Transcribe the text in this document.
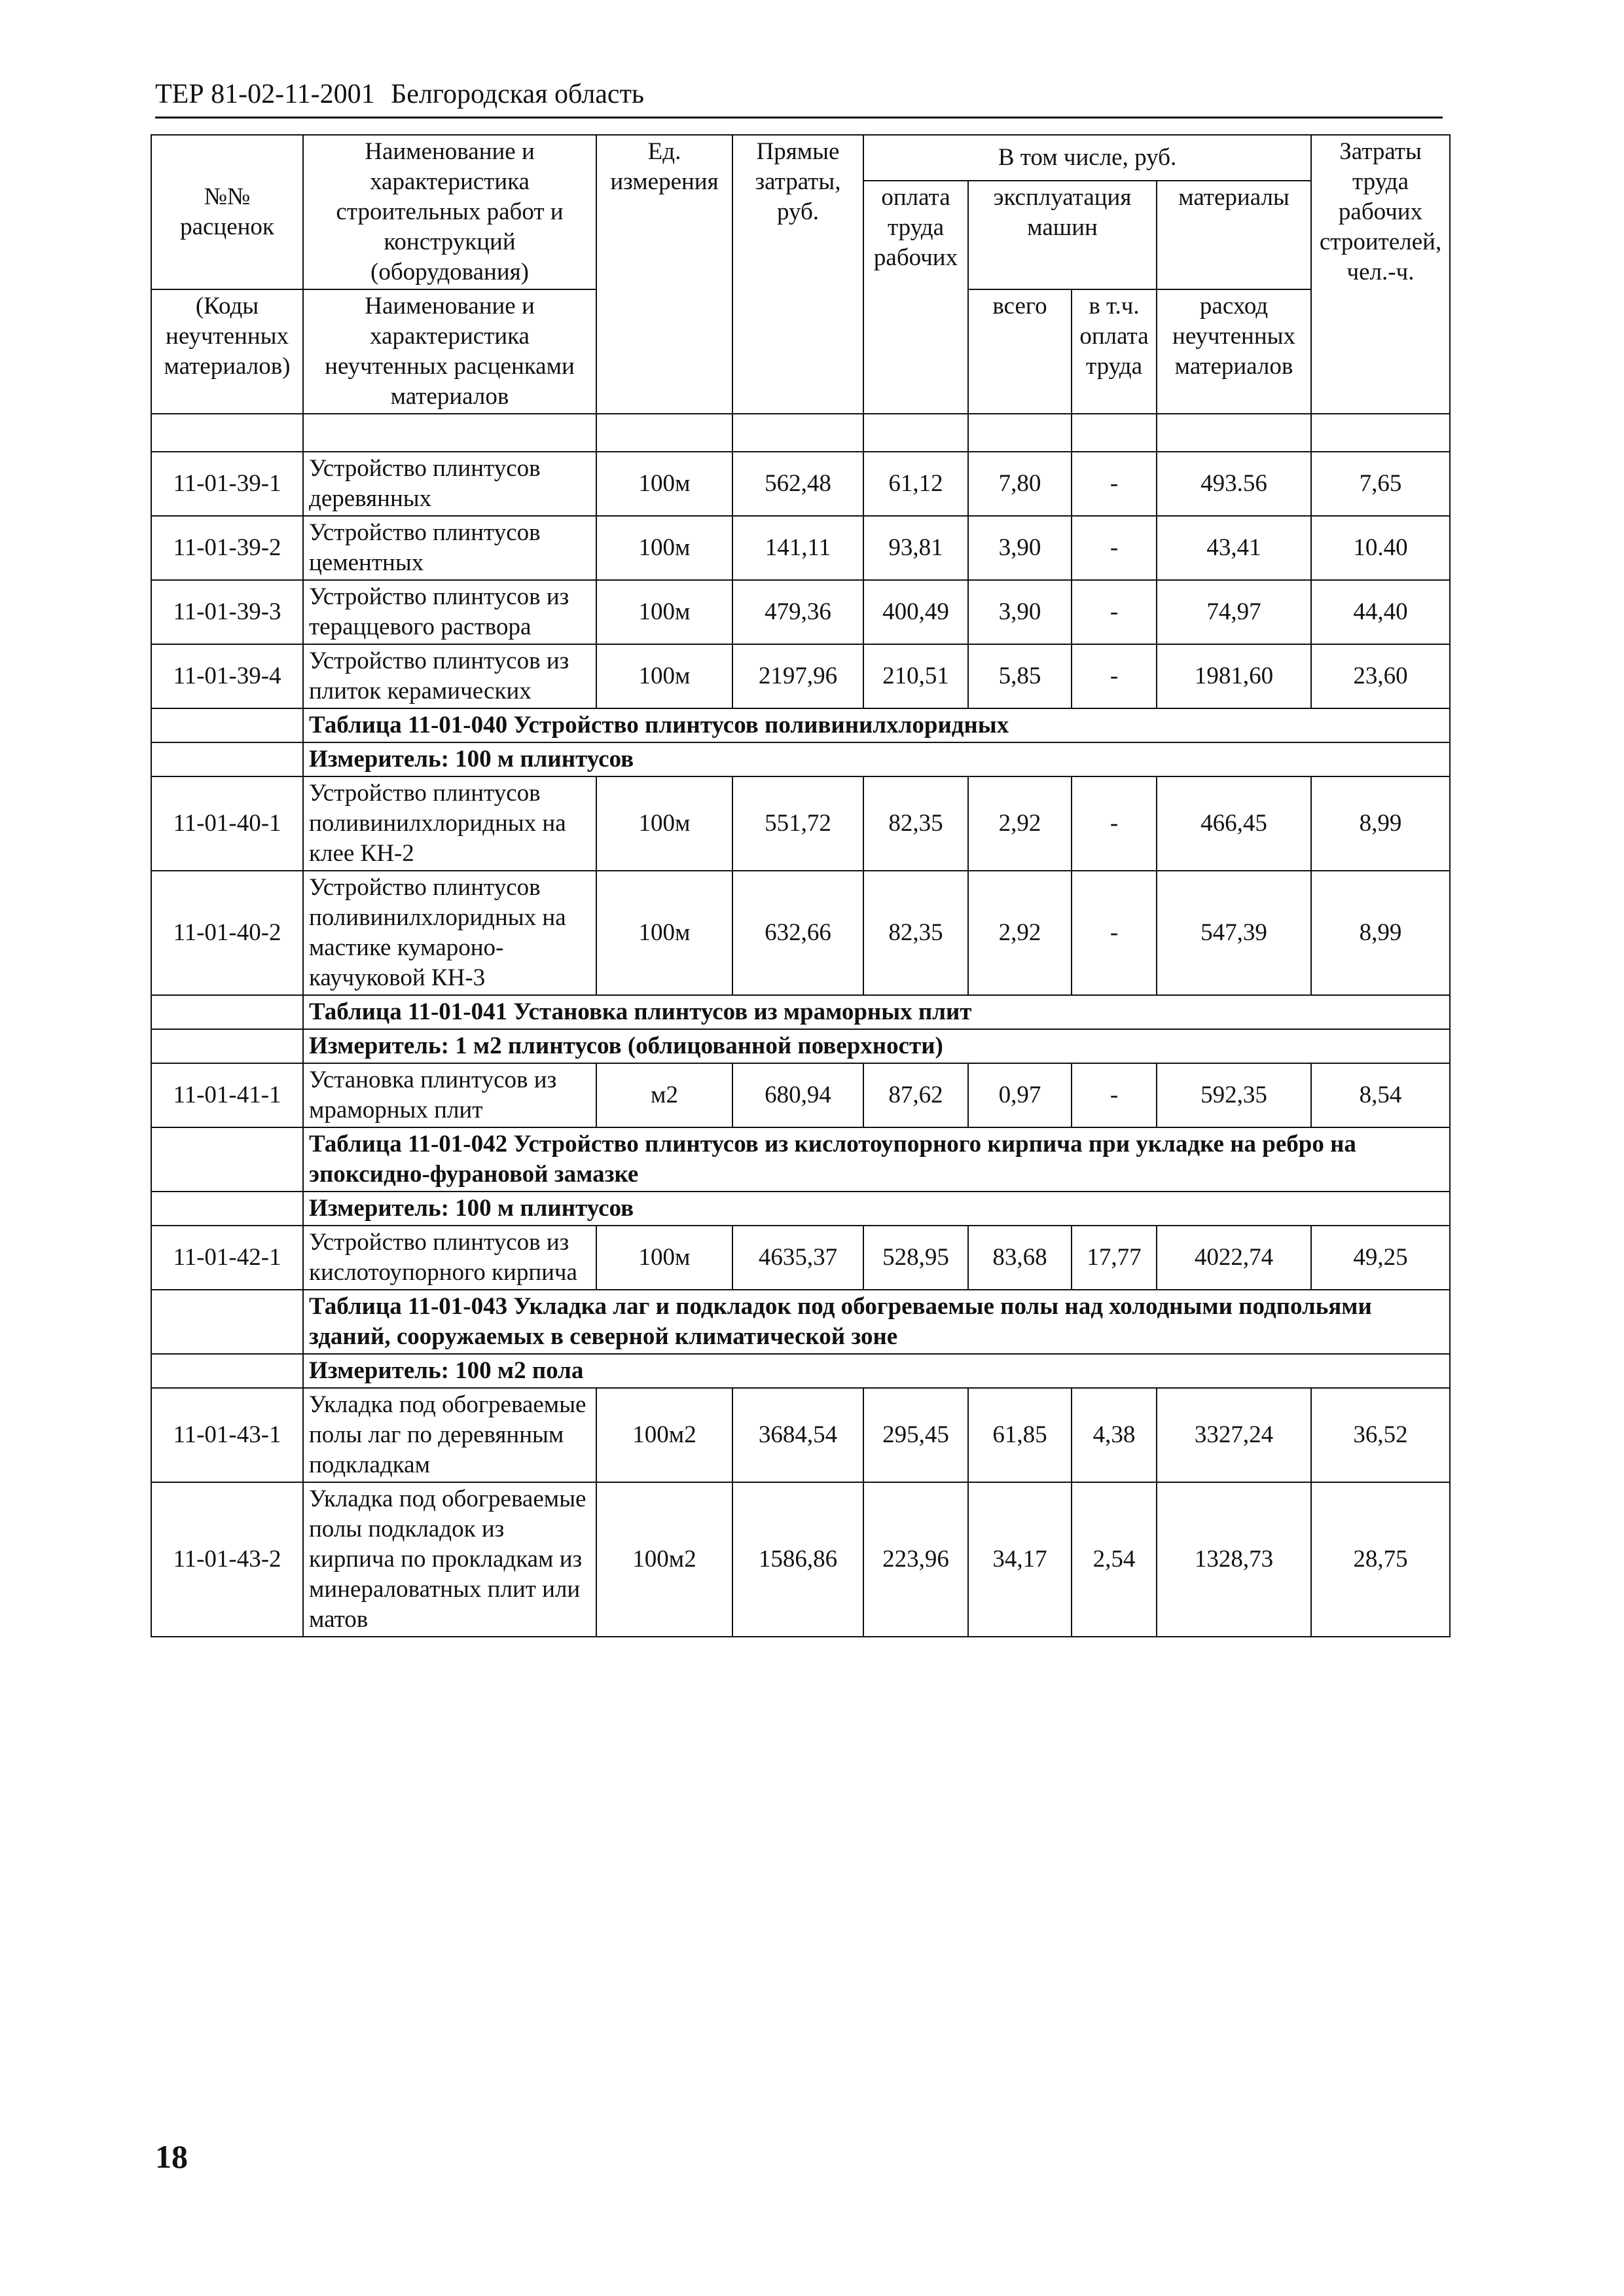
ТЕР 81-02-11-2001 Белгородская область
№№ расценок	Наименование и характеристика строительных работ и конструкций (оборудования)	Ед. измерения	Прямые затраты, руб.	В том числе, руб.				Затраты труда рабочих строителей, чел.-ч.
				оплата труда рабочих	эксплуатация машин		материалы	
(Коды неучтенных материалов)	Наименование и характеристика неучтенных расценками материалов				всего	в т.ч. оплата труда	расход неучтенных материалов	

11-01-39-1	Устройство плинтусов деревянных	100м	562,48	61,12	7,80	-	493.56	7,65
11-01-39-2	Устройство плинтусов цементных	100м	141,11	93,81	3,90	-	43,41	10.40
11-01-39-3	Устройство плинтусов из тераццевого раствора	100м	479,36	400,49	3,90	-	74,97	44,40
11-01-39-4	Устройство плинтусов из плиток керамических	100м	2197,96	210,51	5,85	-	1981,60	23,60
	Таблица 11-01-040 Устройство плинтусов поливинилхлоридных							
	Измеритель: 100 м плинтусов							
11-01-40-1	Устройство плинтусов поливинилхлоридных на клее КН-2	100м	551,72	82,35	2,92	-	466,45	8,99
11-01-40-2	Устройство плинтусов поливинилхлоридных на мастике кумароно-каучуковой КН-3	100м	632,66	82,35	2,92	-	547,39	8,99
	Таблица 11-01-041 Установка плинтусов из мраморных плит							
	Измеритель: 1 м2 плинтусов (облицованной поверхности)							
11-01-41-1	Установка плинтусов из мраморных плит	м2	680,94	87,62	0,97	-	592,35	8,54
	Таблица 11-01-042 Устройство плинтусов из кислотоупорного кирпича при укладке на ребро на эпоксидно-фурановой замазке							
	Измеритель: 100 м плинтусов							
11-01-42-1	Устройство плинтусов из кислотоупорного кирпича	100м	4635,37	528,95	83,68	17,77	4022,74	49,25
	Таблица 11-01-043 Укладка лаг и подкладок под обогреваемые полы над холодными подпольями зданий, сооружаемых в северной климатической зоне							
	Измеритель: 100 м2 пола							
11-01-43-1	Укладка под обогреваемые полы лаг по деревянным подкладкам	100м2	3684,54	295,45	61,85	4,38	3327,24	36,52
11-01-43-2	Укладка под обогреваемые полы подкладок из кирпича по прокладкам из минераловатных плит или матов	100м2	1586,86	223,96	34,17	2,54	1328,73	28,75
18
